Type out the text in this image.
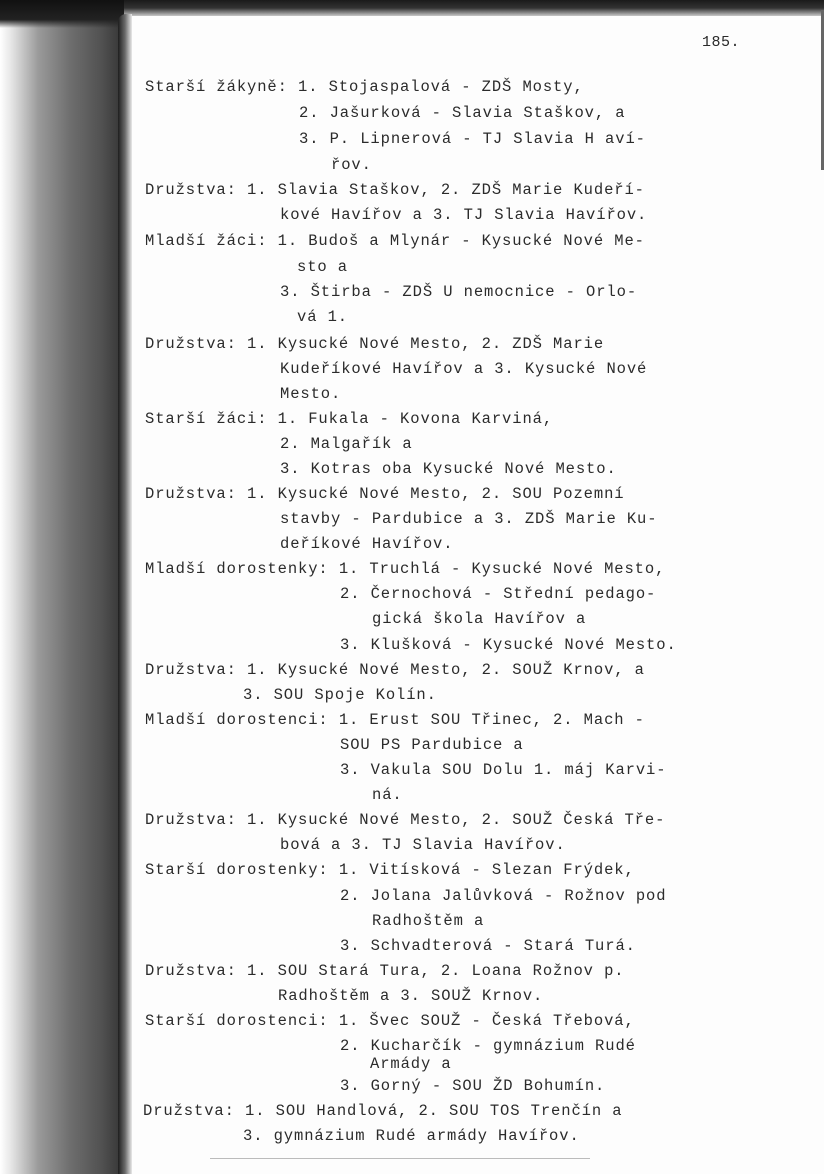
185.
Starší žákyně: 1. Stojaspalová - ZDŠ Mosty,
2. Jašurková - Slavia Staškov, a
3. P. Lipnerová - TJ Slavia H aví-
řov.
Družstva: 1. Slavia Staškov, 2. ZDŠ Marie Kudeří-
kové Havířov a 3. TJ Slavia Havířov.
Mladší žáci: 1. Budoš a Mlynár - Kysucké Nové Me-
sto a
3. Štirba - ZDŠ U nemocnice - Orlo-
vá 1.
Družstva: 1. Kysucké Nové Mesto, 2. ZDŠ Marie
Kudeříkové Havířov a 3. Kysucké Nové
Mesto.
Starší žáci: 1. Fukala - Kovona Karviná,
2. Malgařík a
3. Kotras oba Kysucké Nové Mesto.
Družstva: 1. Kysucké Nové Mesto, 2. SOU Pozemní
stavby - Pardubice a 3. ZDŠ Marie Ku-
deříkové Havířov.
Mladší dorostenky: 1. Truchlá - Kysucké Nové Mesto,
2. Černochová - Střední pedago-
gická škola Havířov a
3. Klušková - Kysucké Nové Mesto.
Družstva: 1. Kysucké Nové Mesto, 2. SOUŽ Krnov, a
3. SOU Spoje Kolín.
Mladší dorostenci: 1. Erust SOU Třinec, 2. Mach -
SOU PS Pardubice a
3. Vakula SOU Dolu 1. máj Karvi-
ná.
Družstva: 1. Kysucké Nové Mesto, 2. SOUŽ Česká Tře-
bová a 3. TJ Slavia Havířov.
Starší dorostenky: 1. Vitísková - Slezan Frýdek,
2. Jolana Jalůvková - Rožnov pod
Radhoštěm a
3. Schvadterová - Stará Turá.
Družstva: 1. SOU Stará Tura, 2. Loana Rožnov p.
Radhoštěm a 3. SOUŽ Krnov.
Starší dorostenci: 1. Švec SOUŽ - Česká Třebová,
2. Kucharčík - gymnázium Rudé
Armády a
3. Gorný - SOU ŽD Bohumín.
Družstva: 1. SOU Handlová, 2. SOU TOS Trenčín a
3. gymnázium Rudé armády Havířov.
